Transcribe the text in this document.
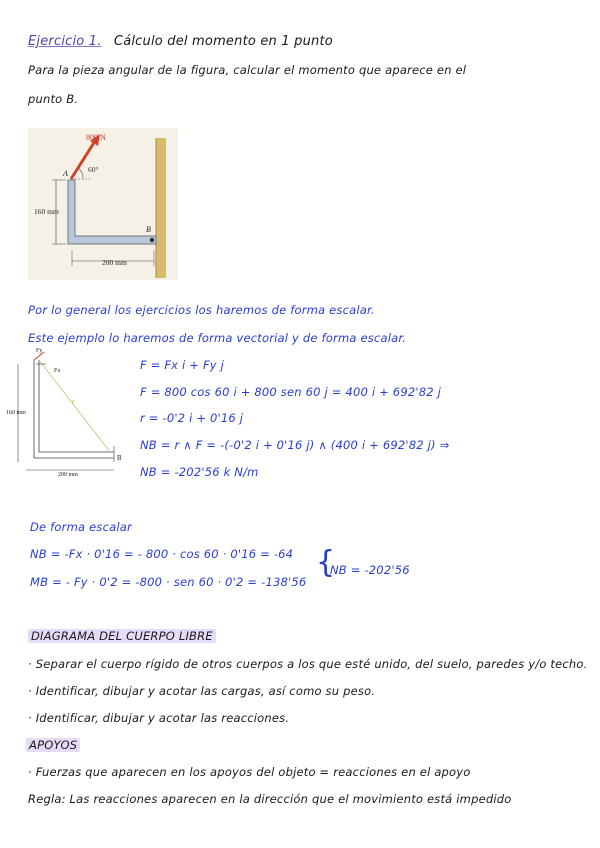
Ejercicio 1. Cálculo del momento en 1 punto
Para la pieza angular de la figura, calcular el momento que aparece en el
punto B.
800 N
60°
A
B
160 mm
200 mm
Por lo general los ejercicios los haremos de forma escalar.
Este ejemplo lo haremos de forma vectorial y de forma escalar.
Fy
Fx
160 mm
200 mm
B
r
F = Fx i + Fy j
F = 800 cos 60 i + 800 sen 60 j = 400 i + 692'82 j
r = -0'2 i + 0'16 j
NB = r ∧ F = -(-0'2 i + 0'16 j) ∧ (400 i + 692'82 j) ⇒
NB = -202'56 k N/m
De forma escalar
NB = -Fx · 0'16 = - 800 · cos 60 · 0'16 = -64
MB = - Fy · 0'2 = -800 · sen 60 · 0'2 = -138'56
{
NB = -202'56
DIAGRAMA DEL CUERPO LIBRE
· Separar el cuerpo rígido de otros cuerpos a los que esté unido, del suelo, paredes y/o techo.
· Identificar, dibujar y acotar las cargas, así como su peso.
· Identificar, dibujar y acotar las reacciones.
APOYOS
· Fuerzas que aparecen en los apoyos del objeto = reacciones en el apoyo
Regla: Las reacciones aparecen en la dirección que el movimiento está impedido
